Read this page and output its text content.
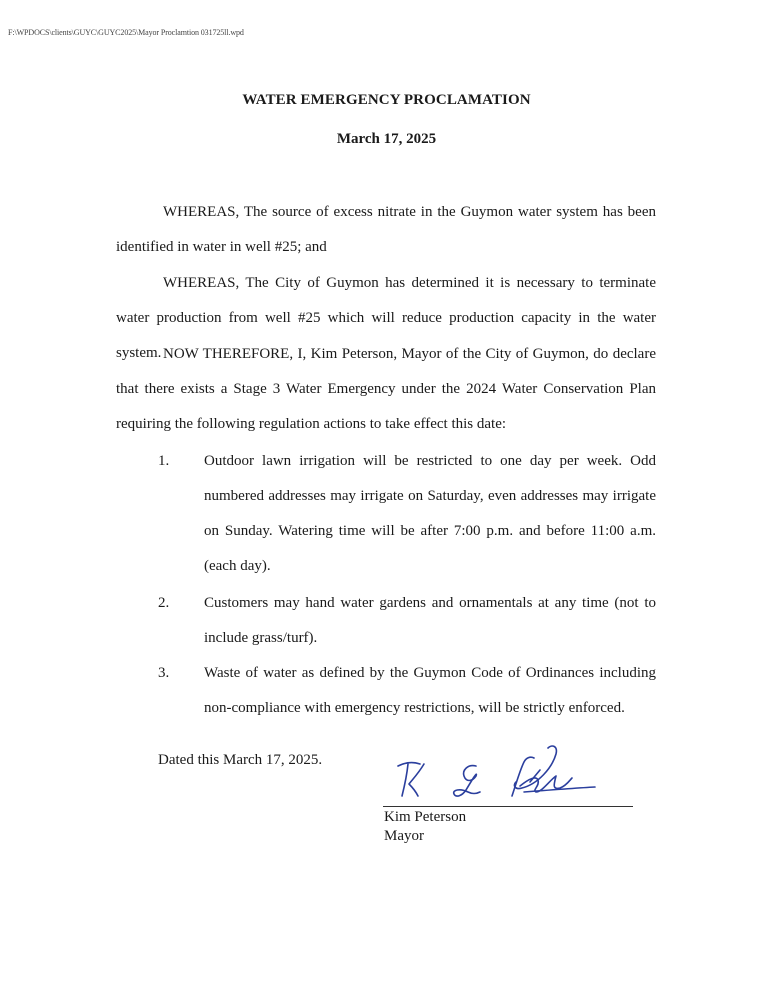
F:\WPDOCS\clients\GUYC\GUYC2025\Mayor Proclamtion 031725ll.wpd
WATER EMERGENCY PROCLAMATION
March 17, 2025

WHEREAS, The source of excess nitrate in the Guymon water system has been identified in water in well #25; and

WHEREAS, The City of Guymon has determined it is necessary to terminate water production from well #25 which will reduce production capacity in the water system. NOW THEREFORE, I, Kim Peterson, Mayor of the City of Guymon, do declare that there exists a Stage 3 Water Emergency under the 2024 Water Conservation Plan requiring the following regulation actions to take effect this date:

1.	Outdoor lawn irrigation will be restricted to one day per week. Odd numbered addresses may irrigate on Saturday, even addresses may irrigate on Sunday. Watering time will be after 7:00 p.m. and before 11:00 a.m. (each day).

2.	Customers may hand water gardens and ornamentals at any time (not to include grass/turf).

3.	Waste of water as defined by the Guymon Code of Ordinances including non-compliance with emergency restrictions, will be strictly enforced.

Dated this March 17, 2025.
Kim Peterson
Mayor
